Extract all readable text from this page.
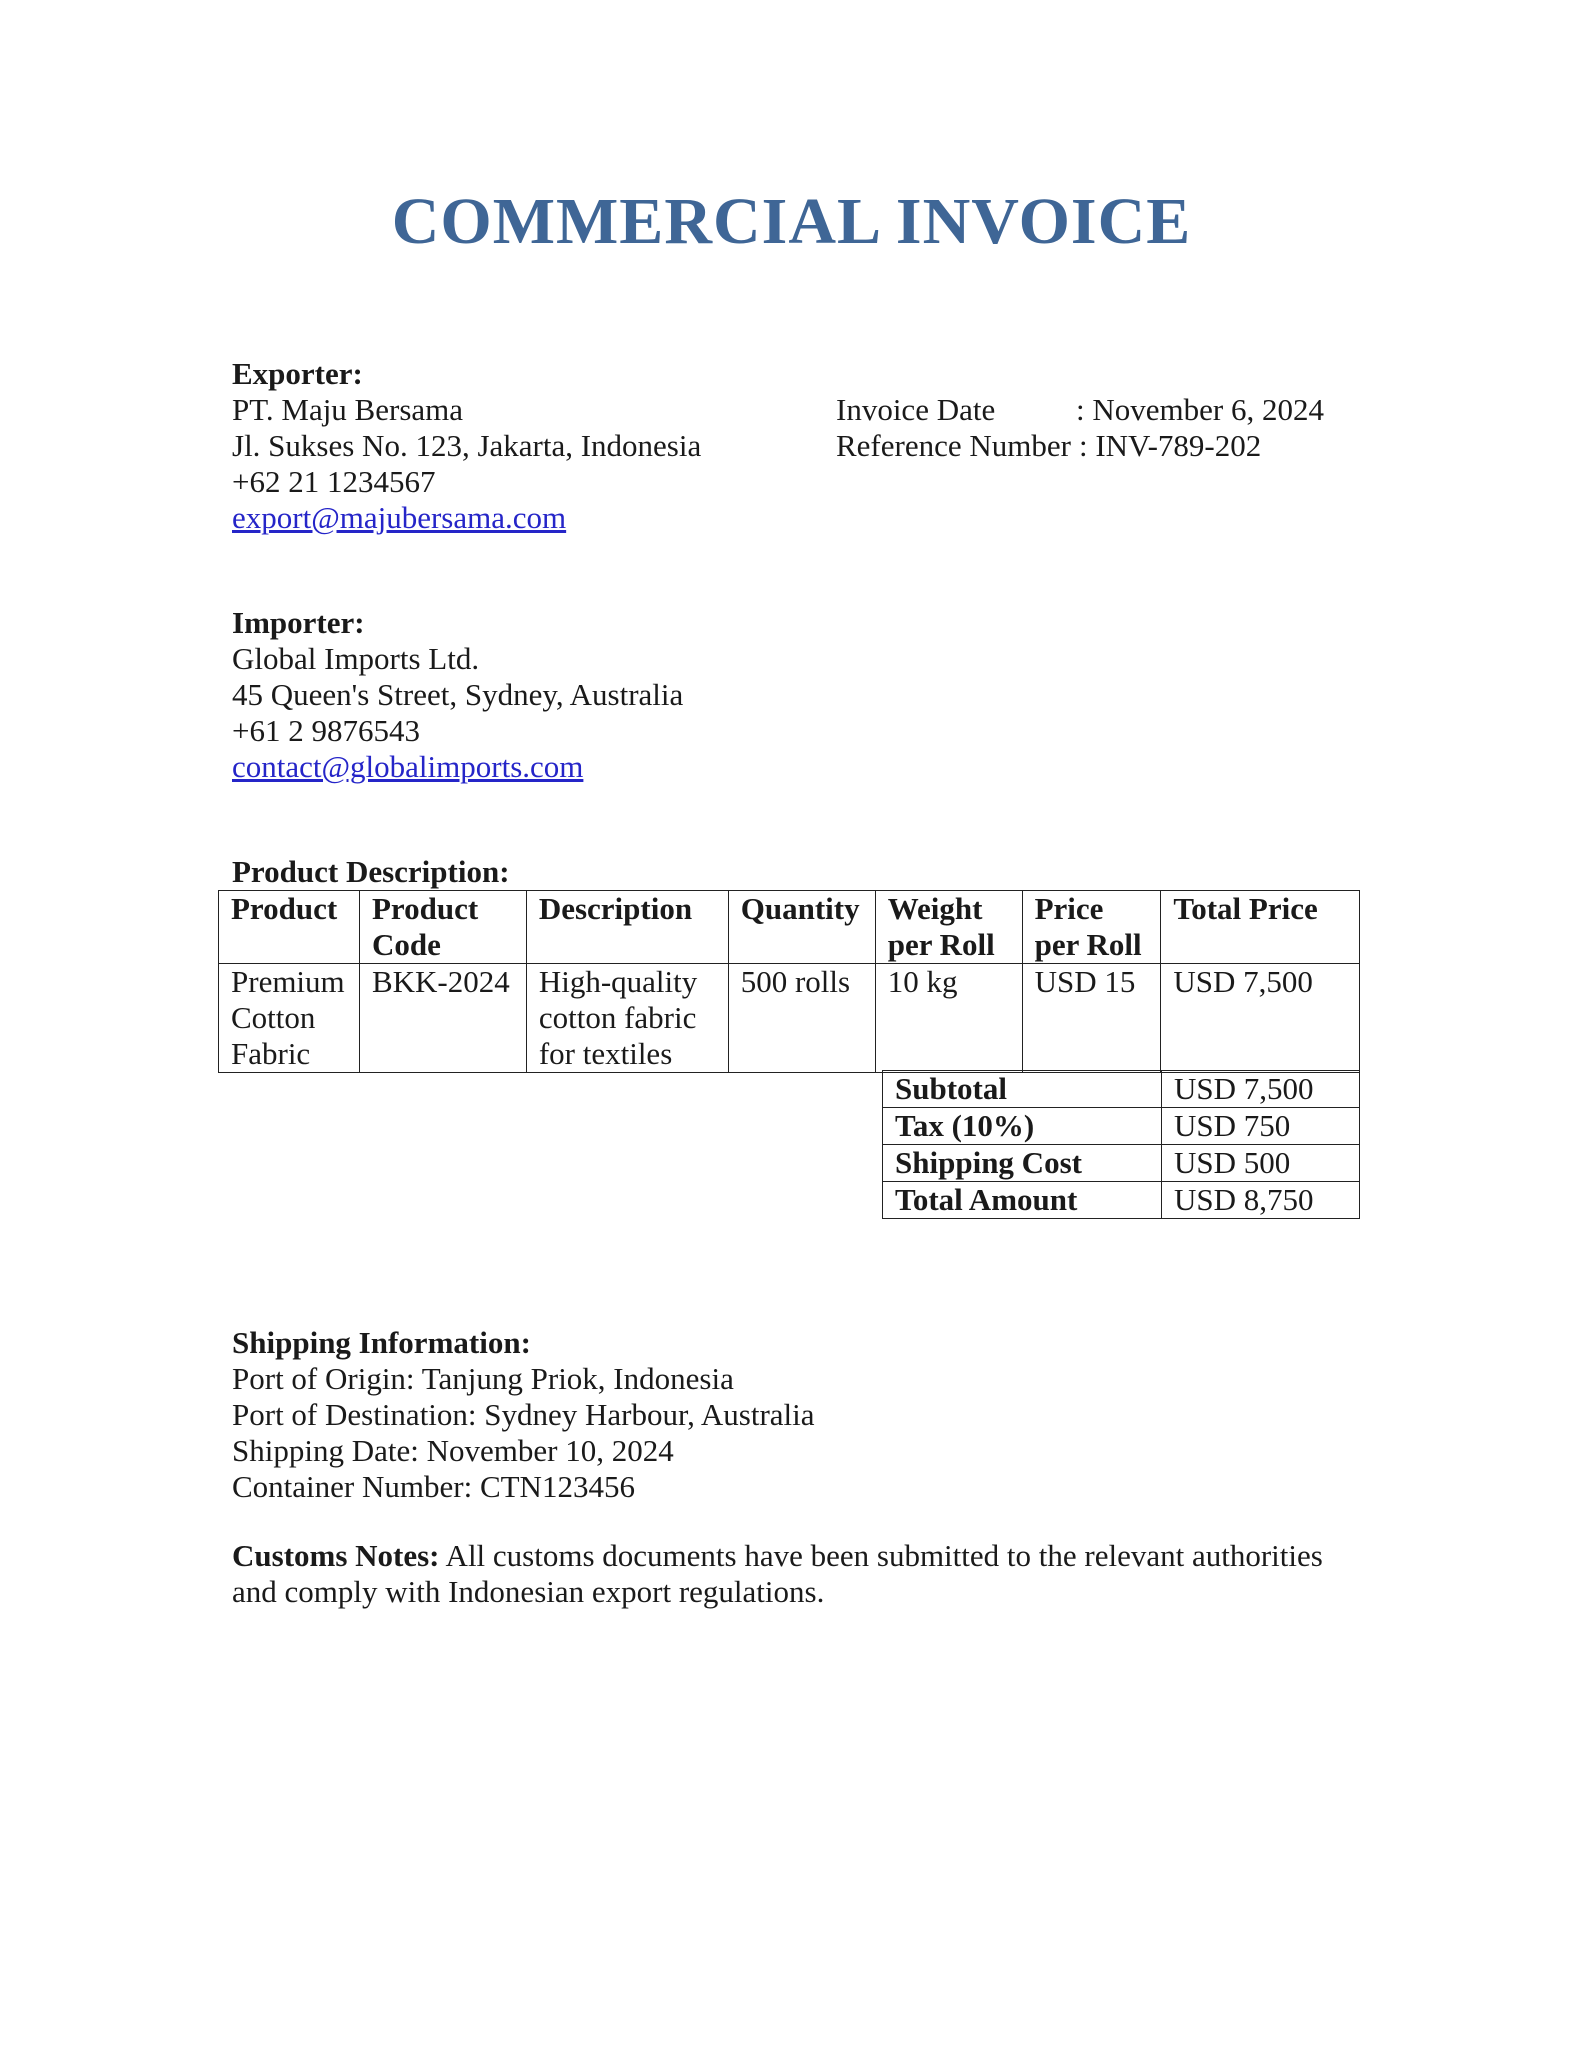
COMMERCIAL INVOICE
Exporter:
PT. Maju Bersama
Jl. Sukses No. 123, Jakarta, Indonesia
+62 21 1234567
export@majubersama.com
Invoice Date	: November 6, 2024
Reference Number : INV-789-202
Importer:
Global Imports Ltd.
45 Queen's Street, Sydney, Australia
+61 2 9876543
contact@globalimports.com
Product Description:
Product	Product Code	Description	Quantity	Weight per Roll	Price per Roll	Total Price
Premium Cotton Fabric	BKK-2024	High-quality cotton fabric for textiles	500 rolls	10 kg	USD 15	USD 7,500
Subtotal	USD 7,500
Tax (10%)	USD 750
Shipping Cost	USD 500
Total Amount	USD 8,750
Shipping Information:
Port of Origin: Tanjung Priok, Indonesia
Port of Destination: Sydney Harbour, Australia
Shipping Date: November 10, 2024
Container Number: CTN123456
Customs Notes: All customs documents have been submitted to the relevant authorities and comply with Indonesian export regulations.
